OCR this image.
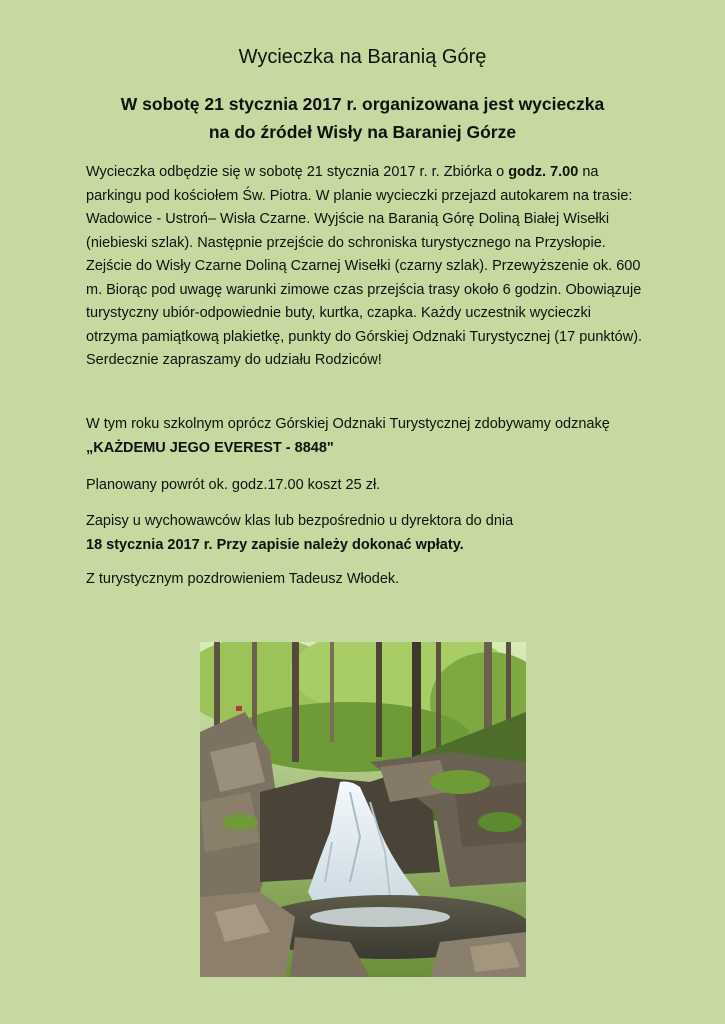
Wycieczka na Baranią Górę
W sobotę 21 stycznia 2017 r. organizowana jest wycieczka
na do źródeł Wisły na Baraniej Górze

Wycieczka odbędzie się w sobotę 21 stycznia 2017 r. r. Zbiórka o godz. 7.00 na parkingu pod kościołem Św. Piotra. W planie wycieczki przejazd autokarem na trasie: Wadowice - Ustroń– Wisła Czarne. Wyjście na Baranią Górę Doliną Białej Wisełki (niebieski szlak). Następnie przejście do schroniska turystycznego na Przysłopie. Zejście do Wisły Czarne Doliną Czarnej Wisełki (czarny szlak). Przewyższenie ok. 600 m. Biorąc pod uwagę warunki zimowe czas przejścia trasy około 6 godzin. Obowiązuje turystyczny ubiór-odpowiednie buty, kurtka, czapka. Każdy uczestnik wycieczki otrzyma pamiątkową plakietkę, punkty do Górskiej Odznaki Turystycznej (17 punktów). Serdecznie zapraszamy do udziału Rodziców!

W tym roku szkolnym oprócz Górskiej Odznaki Turystycznej zdobywamy odznakę „KAŻDEMU JEGO EVEREST - 8848"

Planowany powrót ok. godz.17.00 koszt 25 zł.

Zapisy u wychowawców klas lub bezpośrednio u dyrektora do dnia
18 stycznia 2017 r. Przy zapisie należy dokonać wpłaty.

Z turystycznym pozdrowieniem Tadeusz Włodek.
